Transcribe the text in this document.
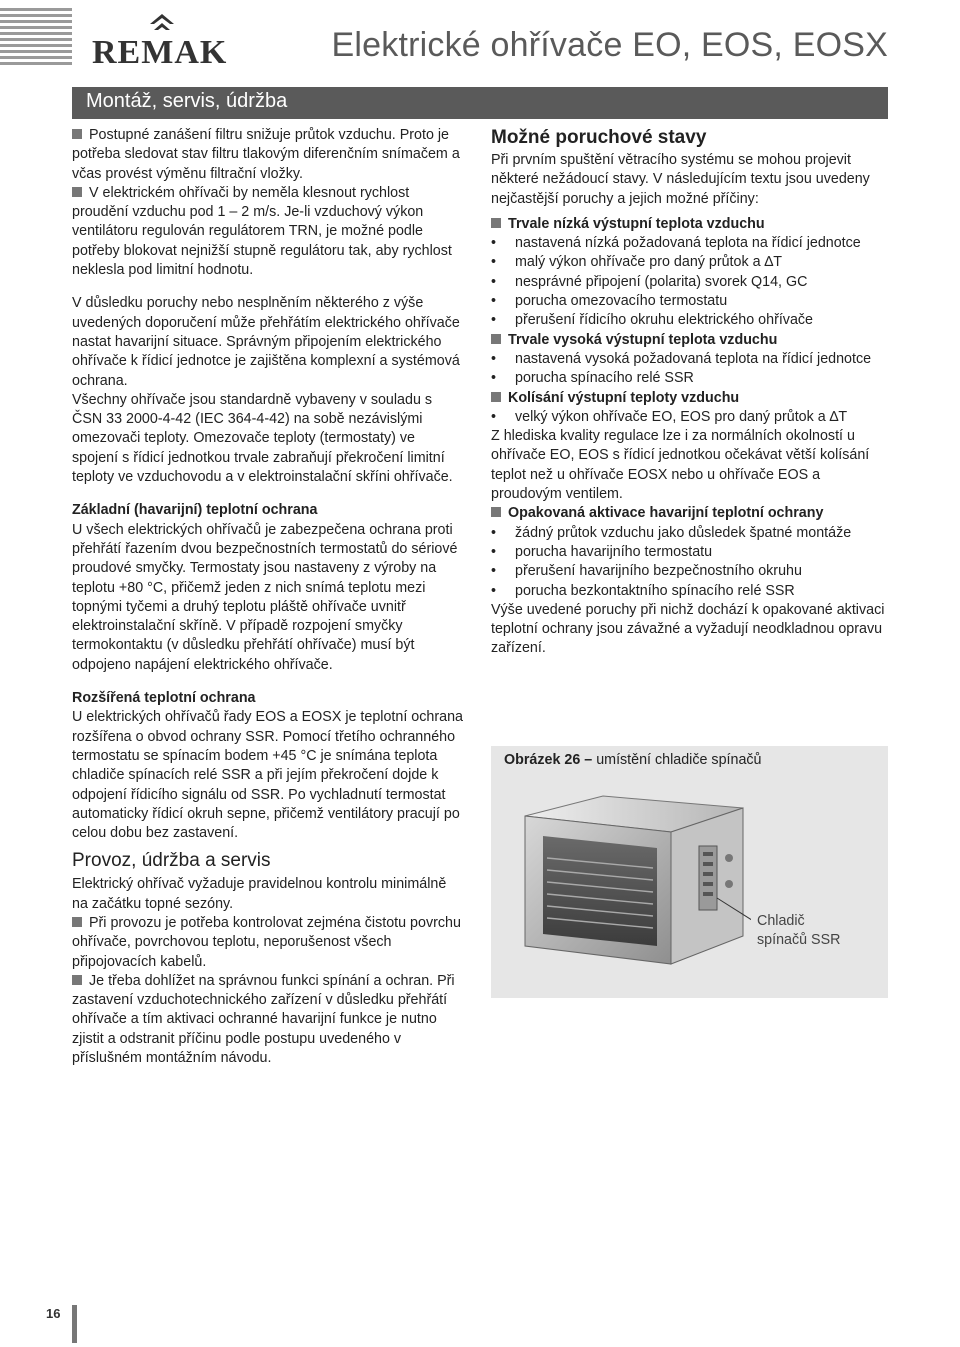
REMAK	Elektrické ohřívače EO, EOS, EOSX
Montáž, servis, údržba

Postupné zanášení filtru snižuje průtok vzduchu. Proto je potřeba sledovat stav filtru tlakovým diferenčním snímačem a včas provést výměnu filtrační vložky.

V elektrickém ohřívači by neměla klesnout rychlost proudění vzduchu pod 1 – 2 m/s. Je-li vzduchový výkon ventilátoru regulován regulátorem TRN, je možné podle potřeby blokovat nejnižší stupně regulátoru tak, aby rychlost neklesla pod limitní hodnotu.

V důsledku poruchy nebo nesplněním některého z výše uvedených doporučení může přehřátím elektrického ohřívače nastat havarijní situace. Správným připojením elektrického ohřívače k řídicí jednotce je zajištěna komplexní a systémová ochrana.

Všechny ohřívače jsou standardně vybaveny v souladu s ČSN 33 2000-4-42 (IEC 364-4-42) na sobě nezávislými omezovači teploty. Omezovače teploty (termostaty) ve spojení s řídicí jednotkou trvale zabraňují překročení limitní teploty ve vzduchovodu a v elektroinstalační skříni ohřívače.

Základní (havarijní) teplotní ochrana

U všech elektrických ohřívačů je zabezpečena ochrana proti přehřátí řazením dvou bezpečnostních termostatů do sériové proudové smyčky. Termostaty jsou nastaveny z výroby na teplotu +80 °C, přičemž jeden z nich snímá teplotu mezi topnými tyčemi a druhý teplotu pláště ohřívače uvnitř elektroinstalační skříně. V případě rozpojení smyčky termokontaktu (v důsledku přehřátí ohřívače) musí být odpojeno napájení elektrického ohřívače.

Rozšířená teplotní ochrana

U elektrických ohřívačů řady EOS a EOSX je teplotní ochrana rozšířena o obvod ochrany SSR. Pomocí třetího ochranného termostatu se spínacím bodem +45 °C je snímána teplota chladiče spínacích relé SSR a při jejím překročení dojde k odpojení řídicího signálu od SSR. Po vychladnutí termostat automaticky řídicí okruh sepne, přičemž ventilátory pracují po celou dobu bez zastavení.

Provoz, údržba a servis

Elektrický ohřívač vyžaduje pravidelnou kontrolu minimálně na začátku topné sezóny.

Při provozu je potřeba kontrolovat zejména čistotu povrchu ohřívače, povrchovou teplotu, neporušenost všech připojovacích kabelů.

Je třeba dohlížet na správnou funkci spínání a ochran. Při zastavení vzduchotechnického zařízení v důsledku přehřátí ohřívače a tím aktivaci ochranné havarijní funkce je nutno zjistit a odstranit příčinu podle postupu uvedeného v příslušném montážním návodu.

Možné poruchové stavy

Při prvním spuštění větracího systému se mohou projevit některé nežádoucí stavy. V následujícím textu jsou uvedeny nejčastější poruchy a jejich možné příčiny:

Trvale nízká výstupní teplota vzduchu

• nastavená nízká požadovaná teplota na řídicí jednotce
• malý výkon ohřívače pro daný průtok a ∆T
• nesprávné připojení (polarita) svorek Q14, GC
• porucha omezovacího termostatu
• přerušení řídicího okruhu elektrického ohřívače

Trvale vysoká výstupní teplota vzduchu

• nastavená vysoká požadovaná teplota na řídicí jednotce
• porucha spínacího relé SSR

Kolísání výstupní teploty vzduchu

• velký výkon ohřívače EO, EOS pro daný průtok a ∆T

Z hlediska kvality regulace lze i za normálních okolností u ohřívače EO, EOS s řídicí jednotkou očekávat větší kolísání teplot než u ohřívače EOSX nebo u ohřívače EOS a proudovým ventilem.

Opakovaná aktivace havarijní teplotní ochrany

• žádný průtok vzduchu jako důsledek špatné montáže
• porucha havarijního termostatu
• přerušení havarijního bezpečnostního okruhu
• porucha bezkontaktního spínacího relé SSR

Výše uvedené poruchy při nichž dochází k opakované aktivaci teplotní ochrany jsou závažné a vyžadují neodkladnou opravu zařízení.

Obrázek 26 – umístění chladiče spínačů
Chladič
spínačů SSR
16
